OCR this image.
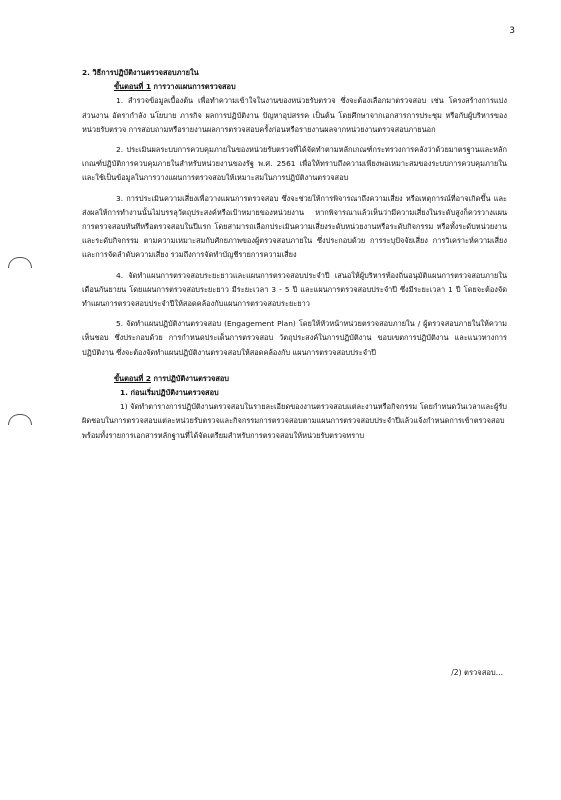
3
2. วิธีการปฏิบัติงานตรวจสอบภายใน
ขั้นตอนที่ 1 การวางแผนการตรวจสอบ

1. สำรวจข้อมูลเบื้องต้น เพื่อทำความเข้าใจในงานของหน่วยรับตรวจ ซึ่งจะต้องเลือกมาตรวจสอบ เช่น โครงสร้างการแบ่งส่วนงาน อัตรากำลัง นโยบาย ภารกิจ ผลการปฏิบัติงาน ปัญหาอุปสรรค เป็นต้น โดยศึกษาจากเอกสารการประชุม หรือกับผู้บริหารของหน่วยรับตรวจ การสอบถามหรือรายงานผลการตรวจสอบครั้งก่อนหรือรายงานผลจากหน่วยงานตรวจสอบภายนอก

2. ประเมินผลระบบการควบคุมภายในของหน่วยรับตรวจที่ได้จัดทำตามหลักเกณฑ์กระทรวงการคลังว่าด้วยมาตรฐานและหลักเกณฑ์ปฏิบัติการควบคุมภายในสำหรับหน่วยงานของรัฐ พ.ศ. 2561 เพื่อให้ทราบถึงความเพียงพอเหมาะสมของระบบการควบคุมภายใน และใช้เป็นข้อมูลในการวางแผนการตรวจสอบให้เหมาะสมในการปฏิบัติงานตรวจสอบ

3. การประเมินความเสี่ยงเพื่อวางแผนการตรวจสอบ ซึ่งจะช่วยให้การพิจารณาถึงความเสี่ยง หรือเหตุการณ์ที่อาจเกิดขึ้น และส่งผลให้การทำงานนั้นไม่บรรลุวัตถุประสงค์หรือเป้าหมายของหน่วยงาน หากพิจารณาแล้วเห็นว่ามีความเสี่ยงในระดับสูงก็ควรวางแผนการตรวจสอบทันทีหรือตรวจสอบในปีแรก โดยสามารถเลือกประเมินความเสี่ยงระดับหน่วยงานหรือระดับกิจกรรม หรือทั้งระดับหน่วยงานและระดับกิจกรรม ตามความเหมาะสมกับศักยภาพของผู้ตรวจสอบภายใน ซึ่งประกอบด้วย การระบุปัจจัยเสี่ยง การวิเคราะห์ความเสี่ยง และการจัดลำดับความเสี่ยง รวมถึงการจัดทำบัญชีรายการความเสี่ยง

4. จัดทำแผนการตรวจสอบระยะยาวและแผนการตรวจสอบประจำปี เสนอให้ผู้บริหารท้องถิ่นอนุมัติแผนการตรวจสอบภายในเดือนกันยายน โดยแผนการตรวจสอบระยะยาว มีระยะเวลา 3 - 5 ปี และแผนการตรวจสอบประจำปี ซึ่งมีระยะเวลา 1 ปี โดยจะต้องจัดทำแผนการตรวจสอบประจำปีให้สอดคล้องกับแผนการตรวจสอบระยะยาว

5. จัดทำแผนปฏิบัติงานตรวจสอบ (Engagement Plan) โดยให้หัวหน้าหน่วยตรวจสอบภายใน / ผู้ตรวจสอบภายในให้ความเห็นชอบ ซึ่งประกอบด้วย การกำหนดประเด็นการตรวจสอบ วัตถุประสงค์ในการปฏิบัติงาน ขอบเขตการปฏิบัติงาน และแนวทางการปฏิบัติงาน ซึ่งจะต้องจัดทำแผนปฏิบัติงานตรวจสอบให้สอดคล้องกับ แผนการตรวจสอบประจำปี

ขั้นตอนที่ 2 การปฏิบัติงานตรวจสอบ
1. ก่อนเริ่มปฏิบัติงานตรวจสอบ

1) จัดทำตารางการปฏิบัติงานตรวจสอบในรายละเอียดของงานตรวจสอบแต่ละงานหรือกิจกรรม โดยกำหนดวันเวลาและผู้รับผิดชอบในการตรวจสอบแต่ละหน่วยรับตรวจและกิจกรรมการตรวจสอบตามแผนการตรวจสอบประจำปีแล้วแจ้งกำหนดการเข้าตรวจสอบพร้อมทั้งรายการเอกสารหลักฐานที่ได้จัดเตรียมสำหรับการตรวจสอบให้หน่วยรับตรวจทราบ

/2) ตรวจสอบ...
